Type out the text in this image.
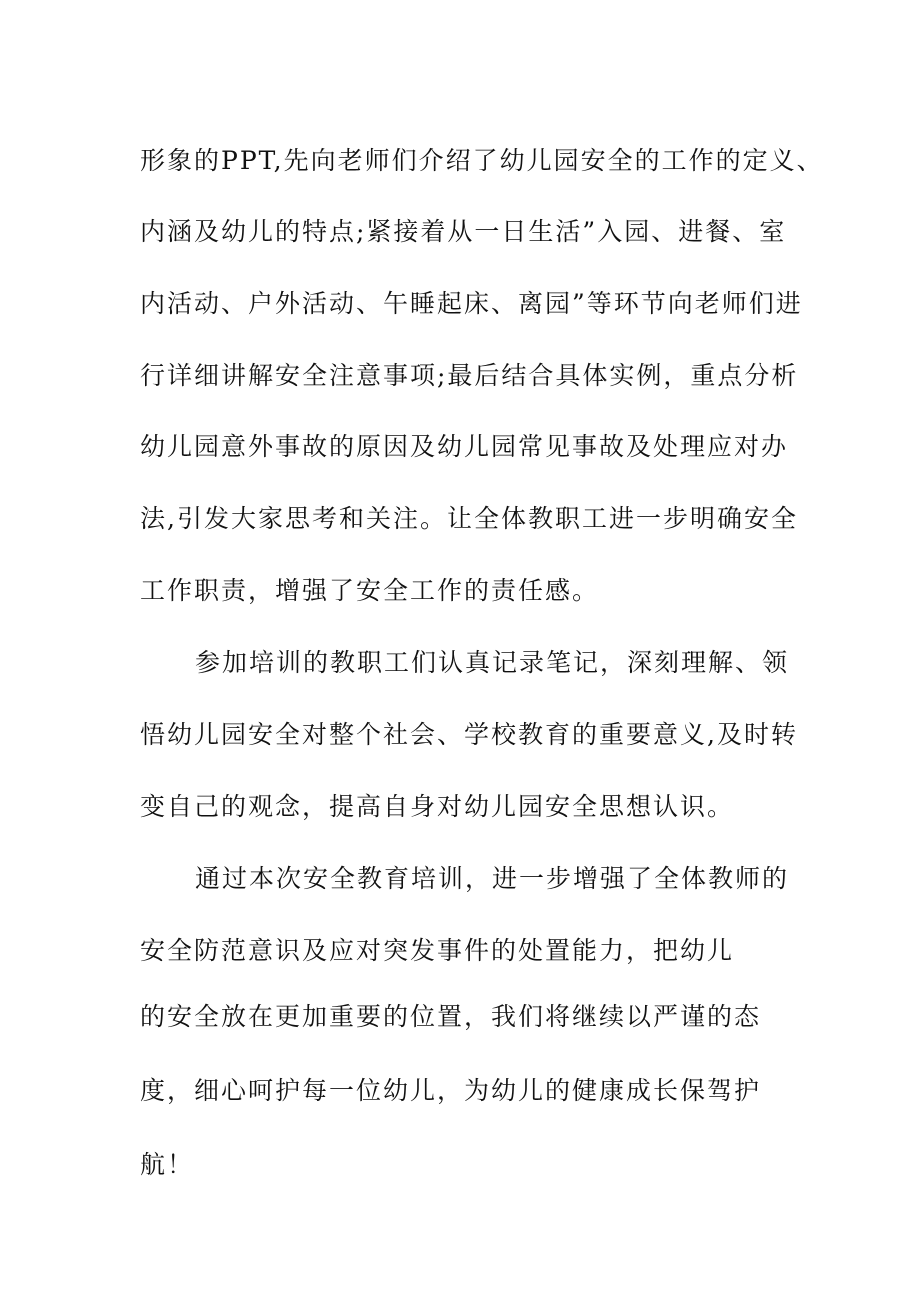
形象的PPT,先向老师们介绍了幼儿园安全的工作的定义、
内涵及幼儿的特点;紧接着从一日生活”入园、进餐、室
内活动、户外活动、午睡起床、离园”等环节向老师们进
行详细讲解安全注意事项;最后结合具体实例，重点分析
幼儿园意外事故的原因及幼儿园常见事故及处理应对办
法,引发大家思考和关注。让全体教职工进一步明确安全
工作职责，增强了安全工作的责任感。
参加培训的教职工们认真记录笔记，深刻理解、领
悟幼儿园安全对整个社会、学校教育的重要意义,及时转
变自己的观念，提高自身对幼儿园安全思想认识。
通过本次安全教育培训，进一步增强了全体教师的
安全防范意识及应对突发事件的处置能力，把幼儿
的安全放在更加重要的位置，我们将继续以严谨的态
度，细心呵护每一位幼儿，为幼儿的健康成长保驾护
航！
